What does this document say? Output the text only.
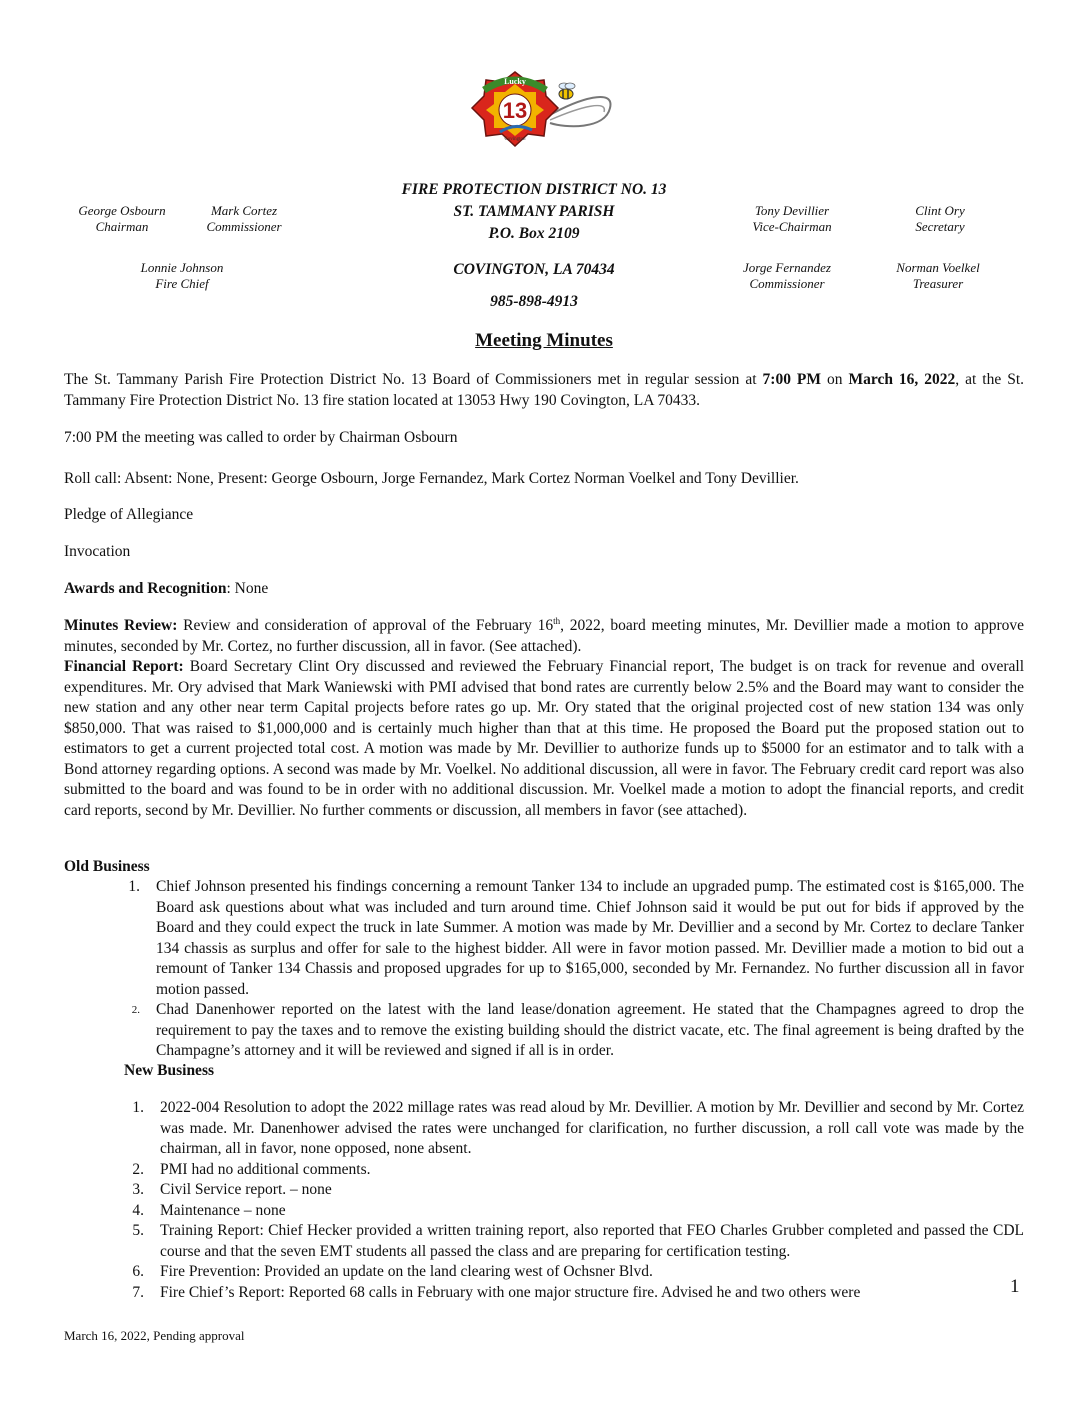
Lucky
13
Covington
George Osbourn
Chairman
Mark Cortez
Commissioner
Lonnie Johnson
Fire Chief
Tony Devillier
Vice-Chairman
Clint Ory
Secretary
Jorge Fernandez
Commissioner
Norman Voelkel
Treasurer
FIRE PROTECTION DISTRICT NO. 13
ST. TAMMANY PARISH
P.O. Box 2109
COVINGTON, LA 70434
985-898-4913
Meeting Minutes
The St. Tammany Parish Fire Protection District No. 13 Board of Commissioners met in regular session at 7:00 PM on March 16, 2022, at the St. Tammany Fire Protection District No. 13 fire station located at 13053 Hwy 190 Covington, LA 70433.
7:00 PM the meeting was called to order by Chairman Osbourn
Roll call: Absent: None, Present: George Osbourn, Jorge Fernandez, Mark Cortez Norman Voelkel and Tony Devillier.
Pledge of Allegiance
Invocation
Awards and Recognition: None
Minutes Review: Review and consideration of approval of the February 16th, 2022, board meeting minutes, Mr. Devillier made a motion to approve minutes, seconded by Mr. Cortez, no further discussion, all in favor. (See attached).
Financial Report: Board Secretary Clint Ory discussed and reviewed the February Financial report, The budget is on track for revenue and overall expenditures. Mr. Ory advised that Mark Waniewski with PMI advised that bond rates are currently below 2.5% and the Board may want to consider the new station and any other near term Capital projects before rates go up. Mr. Ory stated that the original projected cost of new station 134 was only $850,000. That was raised to $1,000,000 and is certainly much higher than that at this time. He proposed the Board put the proposed station out to estimators to get a current projected total cost. A motion was made by Mr. Devillier to authorize funds up to $5000 for an estimator and to talk with a Bond attorney regarding options. A second was made by Mr. Voelkel. No additional discussion, all were in favor. The February credit card report was also submitted to the board and was found to be in order with no additional discussion. Mr. Voelkel made a motion to adopt the financial reports, and credit card reports, second by Mr. Devillier. No further comments or discussion, all members in favor (see attached).
Old Business
1. Chief Johnson presented his findings concerning a remount Tanker 134 to include an upgraded pump. The estimated cost is $165,000. The Board ask questions about what was included and turn around time. Chief Johnson said it would be put out for bids if approved by the Board and they could expect the truck in late Summer. A motion was made by Mr. Devillier and a second by Mr. Cortez to declare Tanker 134 chassis as surplus and offer for sale to the highest bidder. All were in favor motion passed. Mr. Devillier made a motion to bid out a remount of Tanker 134 Chassis and proposed upgrades for up to $165,000, seconded by Mr. Fernandez. No further discussion all in favor motion passed.
2. Chad Danenhower reported on the latest with the land lease/donation agreement. He stated that the Champagnes agreed to drop the requirement to pay the taxes and to remove the existing building should the district vacate, etc. The final agreement is being drafted by the Champagne’s attorney and it will be reviewed and signed if all is in order.
New Business
1. 2022-004 Resolution to adopt the 2022 millage rates was read aloud by Mr. Devillier. A motion by Mr. Devillier and second by Mr. Cortez was made. Mr. Danenhower advised the rates were unchanged for clarification, no further discussion, a roll call vote was made by the chairman, all in favor, none opposed, none absent.
2. PMI had no additional comments.
3. Civil Service report. – none
4. Maintenance – none
5. Training Report: Chief Hecker provided a written training report, also reported that FEO Charles Grubber completed and passed the CDL course and that the seven EMT students all passed the class and are preparing for certification testing.
6. Fire Prevention: Provided an update on the land clearing west of Ochsner Blvd.
7. Fire Chief’s Report: Reported 68 calls in February with one major structure fire. Advised he and two others were	1
March 16, 2022, Pending approval
